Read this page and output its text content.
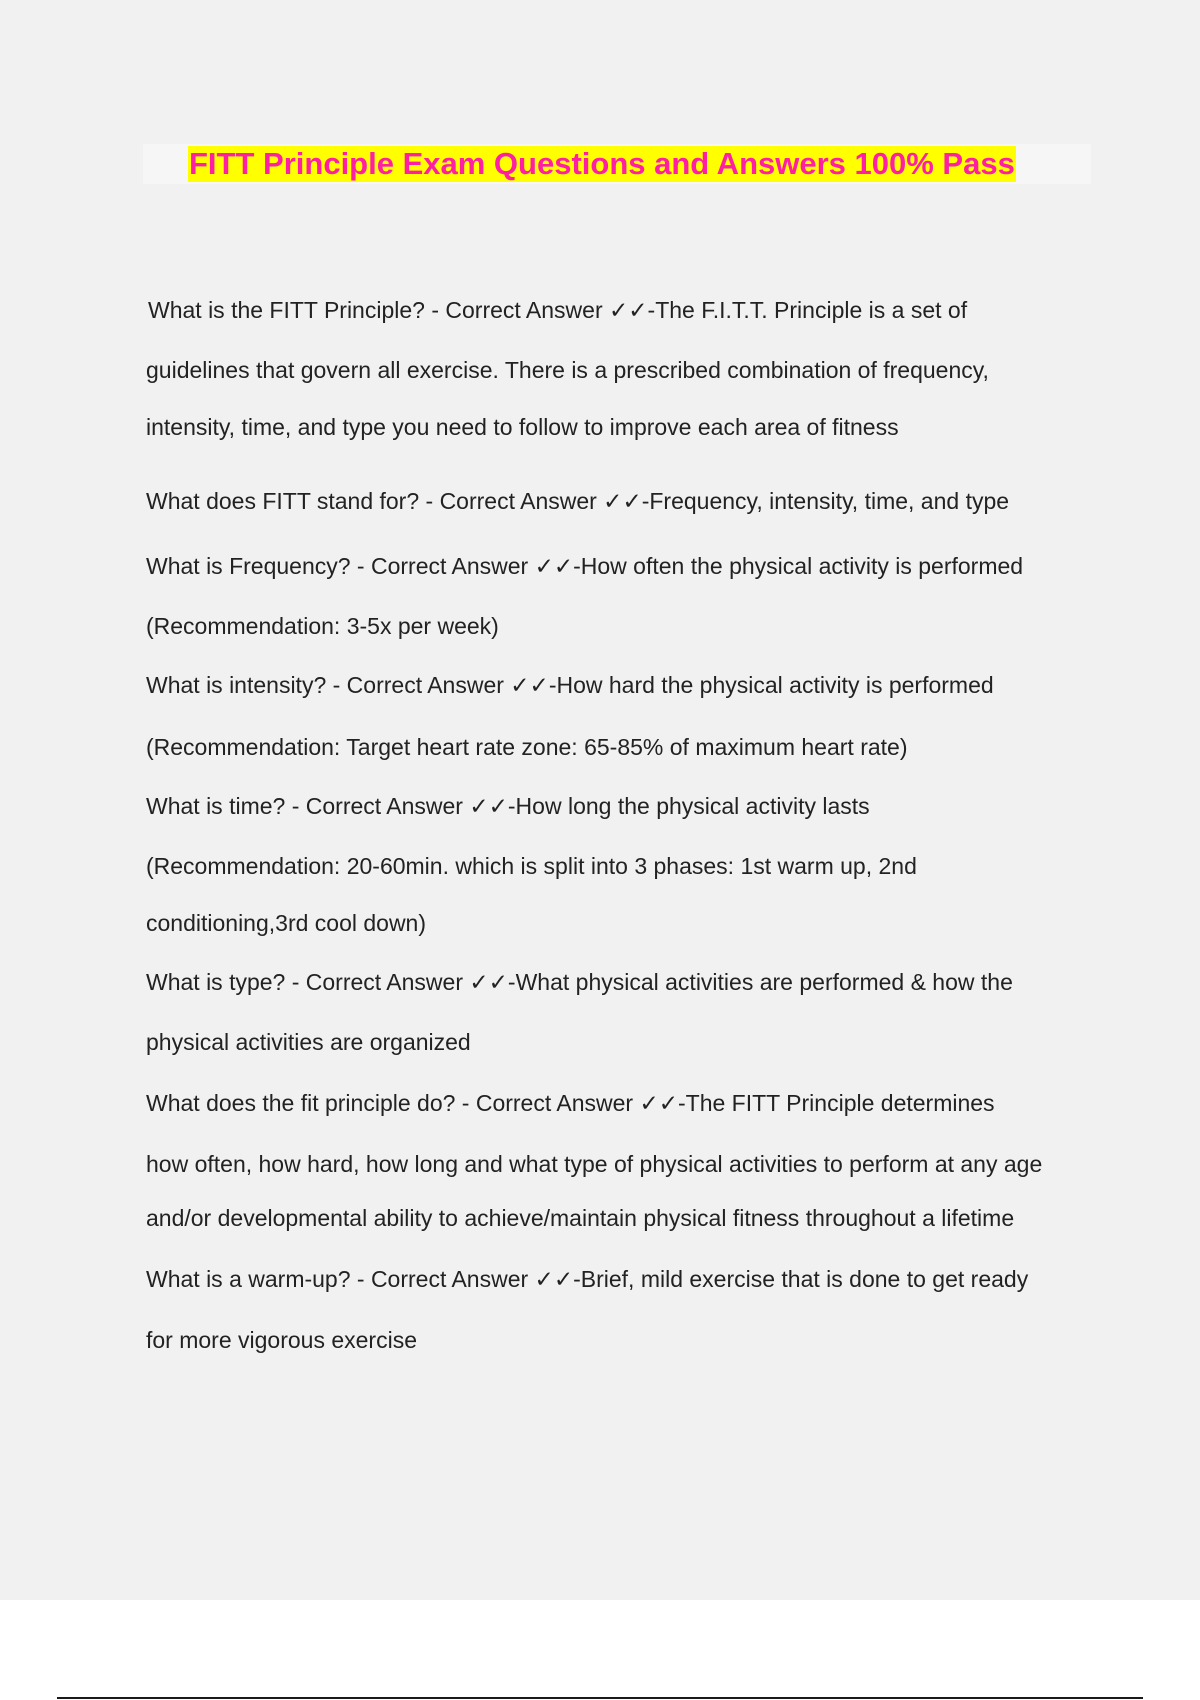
FITT Principle Exam Questions and Answers 100% Pass
What is the FITT Principle? - Correct Answer ✓✓-The F.I.T.T. Principle is a set of
guidelines that govern all exercise. There is a prescribed combination of frequency,
intensity, time, and type you need to follow to improve each area of fitness
What does FITT stand for? - Correct Answer ✓✓-Frequency, intensity, time, and type
What is Frequency? - Correct Answer ✓✓-How often the physical activity is performed
(Recommendation: 3-5x per week)
What is intensity? - Correct Answer ✓✓-How hard the physical activity is performed
(Recommendation: Target heart rate zone: 65-85% of maximum heart rate)
What is time? - Correct Answer ✓✓-How long the physical activity lasts
(Recommendation: 20-60min. which is split into 3 phases: 1st warm up, 2nd
conditioning,3rd cool down)
What is type? - Correct Answer ✓✓-What physical activities are performed & how the
physical activities are organized
What does the fit principle do? - Correct Answer ✓✓-The FITT Principle determines
how often, how hard, how long and what type of physical activities to perform at any age
and/or developmental ability to achieve/maintain physical fitness throughout a lifetime
What is a warm-up? - Correct Answer ✓✓-Brief, mild exercise that is done to get ready
for more vigorous exercise
